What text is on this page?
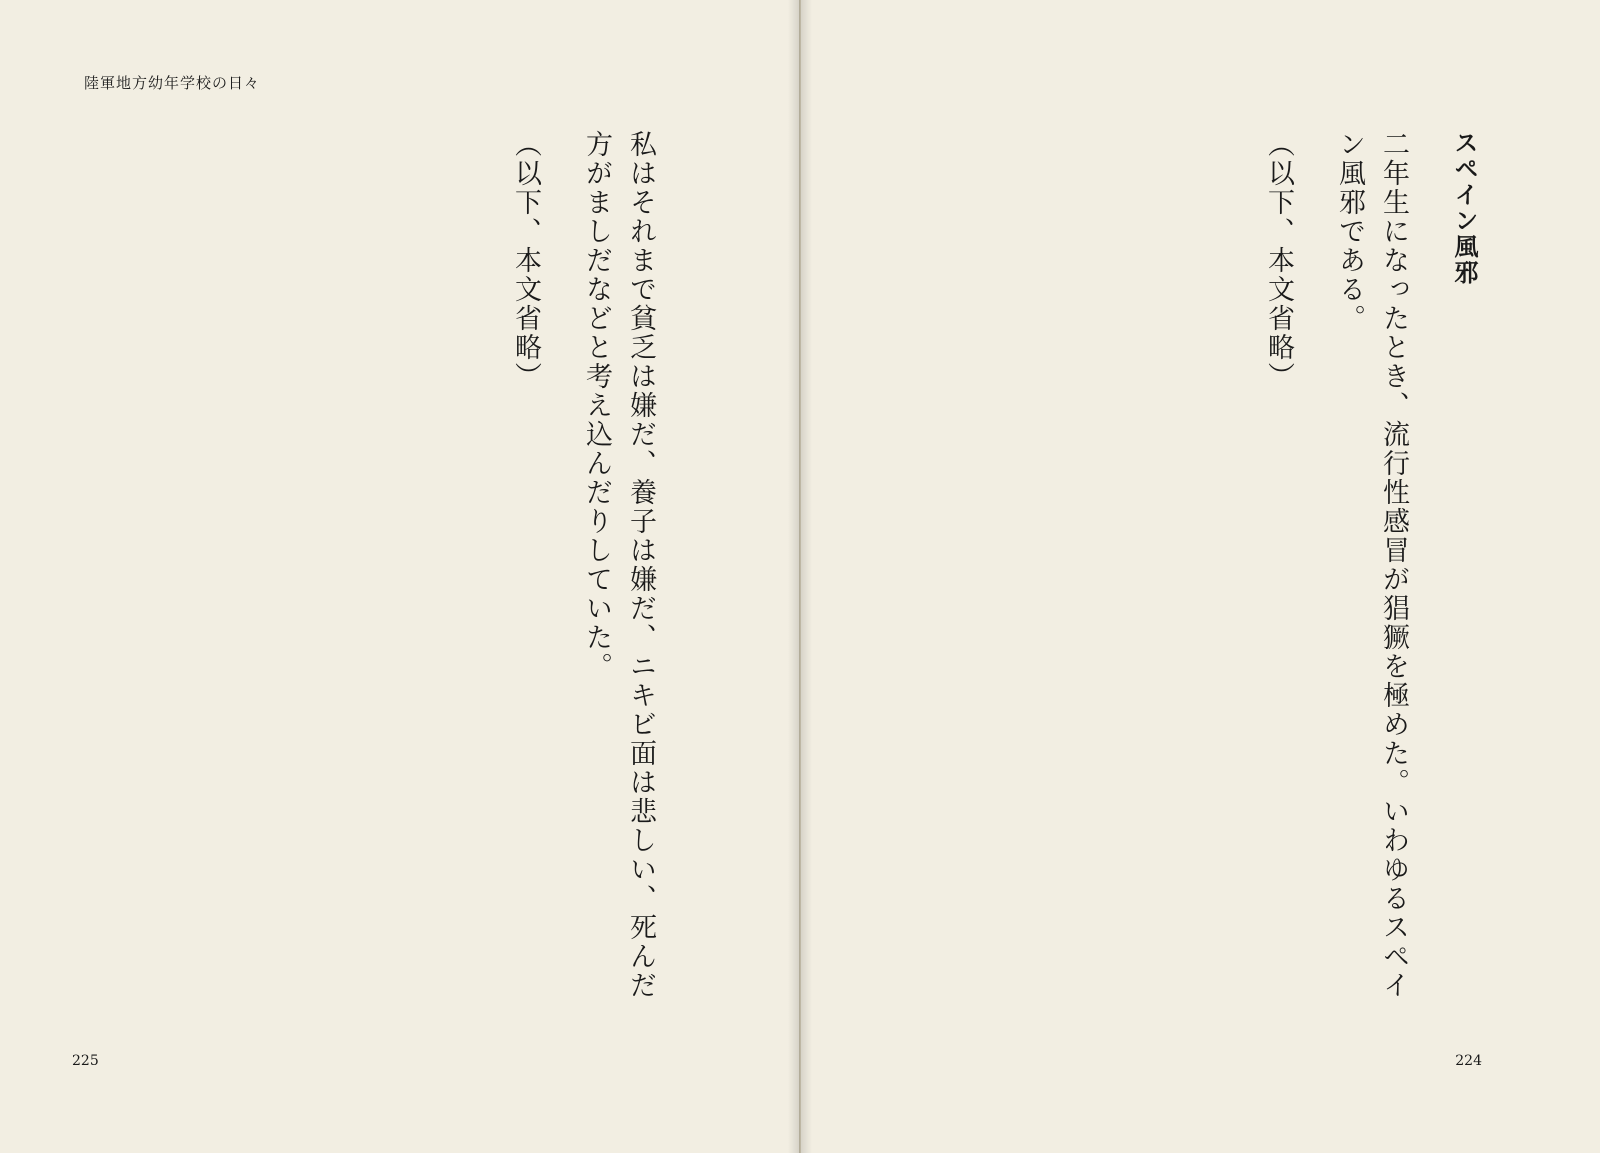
陸軍地方幼年学校の日々

私はそれまで貧乏は嫌だ、養子は嫌だ、ニキビ面は悲しい、死んだ方がましだなどと考え込んだりしていた。

（以下、本文省略）

225

スペイン風邪

二年生になったとき、流行性感冒が猖獗を極めた。いわゆるスペイン風邪である。

（以下、本文省略）

224
